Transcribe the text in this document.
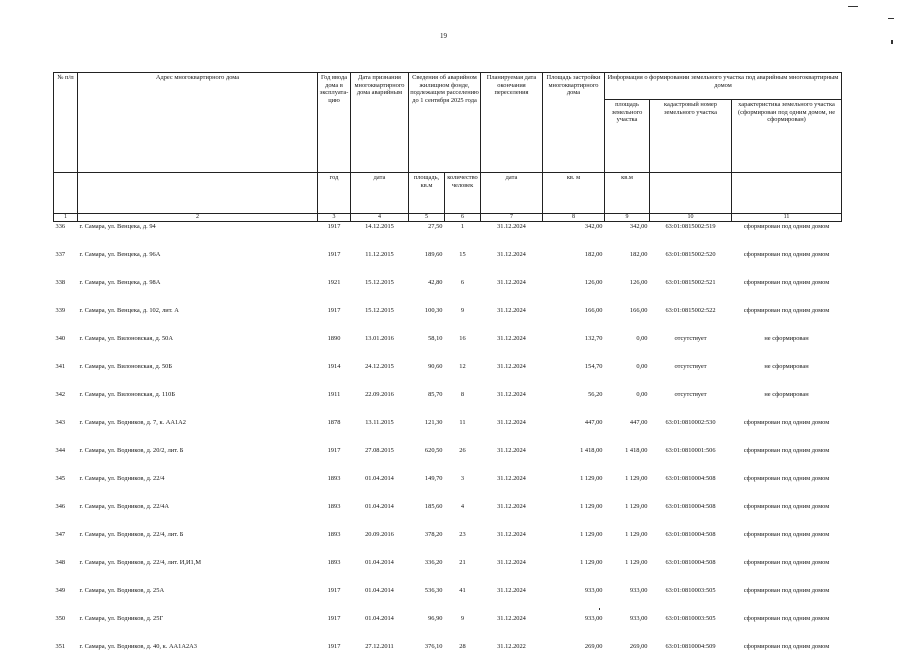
19
№ п/п	Адрес многоквартирного дома	Год ввода дома в эксплуата-цию	Дата признания многоквартирного дома аварийным	Сведения об аварийном жилищном фонде, подлежащем расселению до 1 сентября 2025 года		Планируемая дата окончания переселения	Площадь застройки многоквартирного дома	Информация о формировании земельного участка под аварийным многоквартирным домом		
								площадь земельного участка	кадастровый номер земельного участка	характеристика земельного участка (сформирован под одним домом, не сформирован)
		год	дата	площадь, кв.м	количество человек	дата	кв. м	кв.м		
1	2	3	4	5	6	7	8	9	10	11
336	г. Самара, ул. Венцека, д. 94	1917	14.12.2015	27,50	1	31.12.2024	342,00	342,00	63:01:0815002:519	сформирован под одним домом
337	г. Самара, ул. Венцека, д. 96А	1917	11.12.2015	189,60	15	31.12.2024	182,00	182,00	63:01:0815002:520	сформирован под одним домом
338	г. Самара, ул. Венцека, д. 98А	1921	15.12.2015	42,80	6	31.12.2024	126,00	126,00	63:01:0815002:521	сформирован под одним домом
339	г. Самара, ул. Венцека, д. 102, лит. А	1917	15.12.2015	100,30	9	31.12.2024	166,00	166,00	63:01:0815002:522	сформирован под одним домом
340	г. Самара, ул. Вилоновская, д. 50А	1890	13.01.2016	58,10	16	31.12.2024	132,70	0,00	отсутствует	не сформирован
341	г. Самара, ул. Вилоновская, д. 50Б	1914	24.12.2015	90,60	12	31.12.2024	154,70	0,00	отсутствует	не сформирован
342	г. Самара, ул. Вилоновская, д. 110Б	1911	22.09.2016	85,70	8	31.12.2024	56,20	0,00	отсутствует	не сформирован
343	г. Самара, ул. Водников, д. 7, к. АА1А2	1878	13.11.2015	121,30	11	31.12.2024	447,00	447,00	63:01:0810002:530	сформирован под одним домом
344	г. Самара, ул. Водников, д. 20/2, лит. Б	1917	27.08.2015	620,50	26	31.12.2024	1 418,00	1 418,00	63:01:0810001:506	сформирован под одним домом
345	г. Самара, ул. Водников, д. 22/4	1893	01.04.2014	149,70	3	31.12.2024	1 129,00	1 129,00	63:01:0810004:508	сформирован под одним домом
346	г. Самара, ул. Водников, д. 22/4А	1893	01.04.2014	185,60	4	31.12.2024	1 129,00	1 129,00	63:01:0810004:508	сформирован под одним домом
347	г. Самара, ул. Водников, д. 22/4, лит. Б	1893	20.09.2016	378,20	23	31.12.2024	1 129,00	1 129,00	63:01:0810004:508	сформирован под одним домом
348	г. Самара, ул. Водников, д. 22/4, лит. И,И1,М	1893	01.04.2014	336,20	21	31.12.2024	1 129,00	1 129,00	63:01:0810004:508	сформирован под одним домом
349	г. Самара, ул. Водников, д. 25А	1917	01.04.2014	536,30	41	31.12.2024	933,00	933,00	63:01:0810003:505	сформирован под одним домом
350	г. Самара, ул. Водников, д. 25Г	1917	01.04.2014	96,90	9	31.12.2024	933,00	933,00	63:01:0810003:505	сформирован под одним домом
351	г. Самара, ул. Водников, д. 40, к. АА1А2А3	1917	27.12.2011	376,10	28	31.12.2022	269,00	269,00	63:01:0810004:509	сформирован под одним домом
